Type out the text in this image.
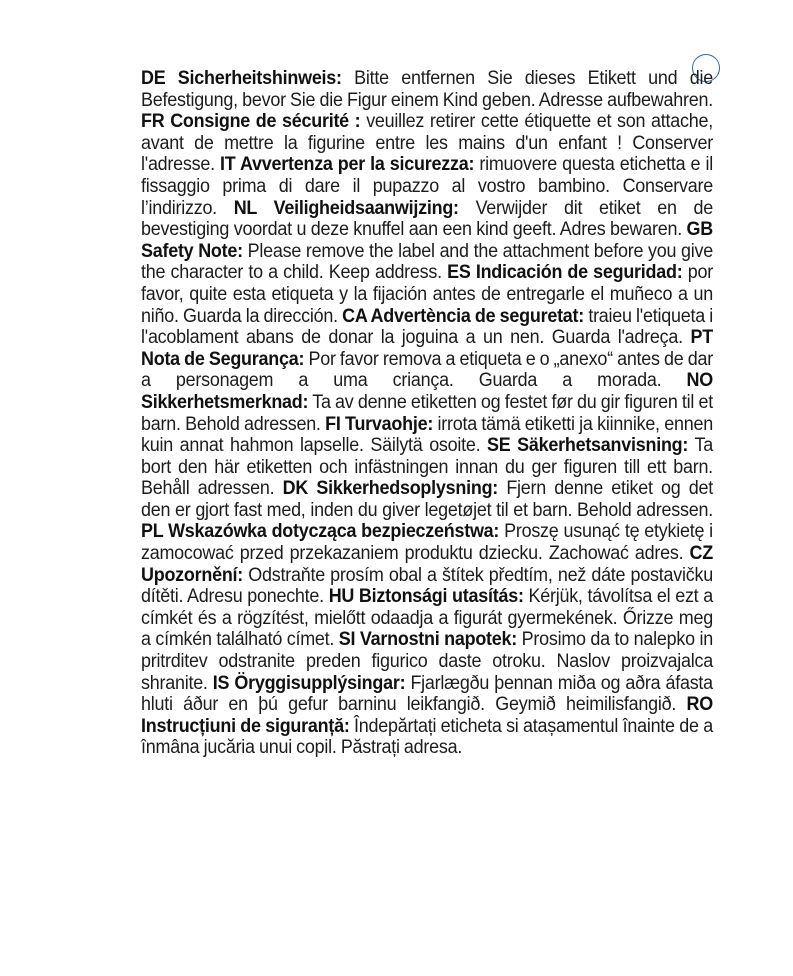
DE Sicherheitshinweis: Bitte entfernen Sie dieses Etikett und die Befestigung, bevor Sie die Figur einem Kind geben. Adresse aufbewahren. FR Consigne de sécurité : veuillez retirer cette étiquette et son attache, avant de mettre la figurine entre les mains d'un enfant ! Conserver l'adresse. IT Avvertenza per la sicurezza: rimuovere questa etichetta e il fissaggio prima di dare il pupazzo al vostro bambino. Conservare l’indirizzo. NL Veiligheidsaanwijzing: Verwijder dit etiket en de bevestiging voordat u deze knuffel aan een kind geeft. Adres bewaren. GB Safety Note: Please remove the label and the attachment before you give the character to a child. Keep address. ES Indicación de seguridad: por favor, quite esta etiqueta y la fijación antes de entregarle el muñeco a un niño. Guarda la dirección. CA Advertència de seguretat: traieu l'etiqueta i l'acoblament abans de donar la joguina a un nen. Guarda l'adreça. PT Nota de Segurança: Por favor remova a etiqueta e o „anexo“ antes de dar a personagem a uma criança. Guarda a morada. NO Sikkerhetsmerknad: Ta av denne etiketten og festet før du gir figuren til et barn. Behold adressen. FI Turvaohje: irrota tämä etiketti ja kiinnike, ennen kuin annat hahmon lapselle. Säilytä osoite. SE Säkerhetsanvisning: Ta bort den här etiketten och infästningen innan du ger figuren till ett barn. Behåll adressen. DK Sikkerhedsoplysning: Fjern denne etiket og det den er gjort fast med, inden du giver legetøjet til et barn. Behold adressen. PL Wskazówka dotycząca bezpieczeństwa: Proszę usunąć tę etykietę i zamocować przed przekazaniem produktu dziecku. Zachować adres. CZ Upozornění: Odstraňte prosím obal a štítek předtím, než dáte postavičku dítěti. Adresu ponechte. HU Biztonsági utasítás: Kérjük, távolítsa el ezt a címkét és a rögzítést, mielőtt odaadja a figurát gyermekének. Őrizze meg a címkén található címet. SI Varnostni napotek: Prosimo da to nalepko in pritrditev odstranite preden figurico daste otroku. Naslov proizvajalca shranite. IS Öryggisupplýsingar: Fjarlægðu þennan miða og aðra áfasta hluti áður en þú gefur barninu leikfangið. Geymið heimilisfangið. RO Instrucțiuni de siguranță: Îndepărtați eticheta si atașamentul înainte de a înmâna jucăria unui copil. Păstrați adresa.
